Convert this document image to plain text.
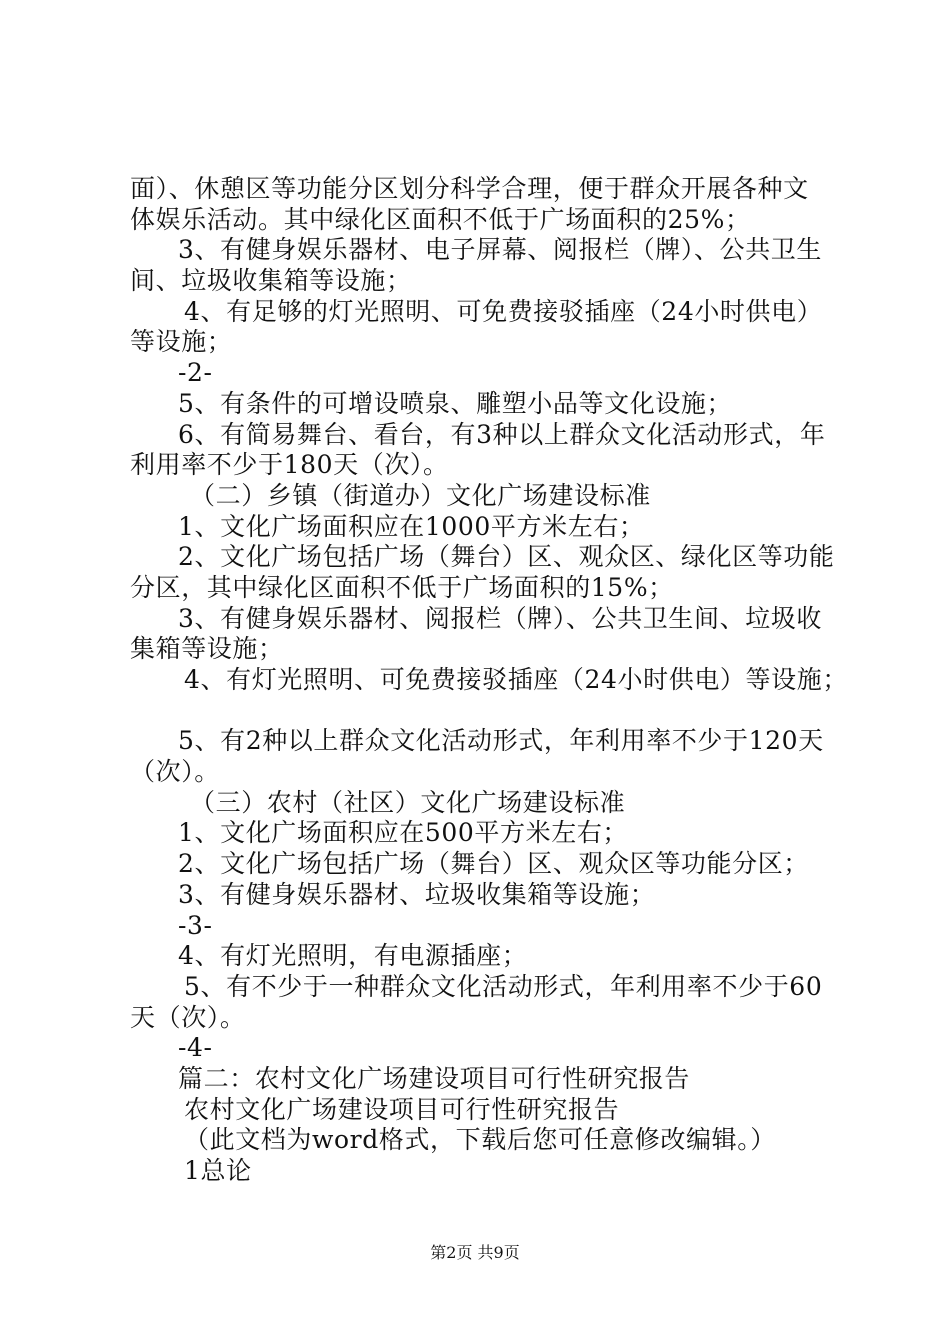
面）、休憩区等功能分区划分科学合理，便于群众开展各种文
体娱乐活动。其中绿化区面积不低于广场面积的25%；
3、有健身娱乐器材、电子屏幕、阅报栏（牌）、公共卫生
间、垃圾收集箱等设施；
4、有足够的灯光照明、可免费接驳插座（24小时供电）
等设施；
-2-
5、有条件的可增设喷泉、雕塑小品等文化设施；
6、有简易舞台、看台，有3种以上群众文化活动形式，年
利用率不少于180天（次）。
（二）乡镇（街道办）文化广场建设标准
1、文化广场面积应在1000平方米左右；
2、文化广场包括广场（舞台）区、观众区、绿化区等功能
分区，其中绿化区面积不低于广场面积的15%；
3、有健身娱乐器材、阅报栏（牌）、公共卫生间、垃圾收
集箱等设施；
4、有灯光照明、可免费接驳插座（24小时供电）等设施；
5、有2种以上群众文化活动形式，年利用率不少于120天
（次）。
（三）农村（社区）文化广场建设标准
1、文化广场面积应在500平方米左右；
2、文化广场包括广场（舞台）区、观众区等功能分区；
3、有健身娱乐器材、垃圾收集箱等设施；
-3-
4、有灯光照明，有电源插座；
5、有不少于一种群众文化活动形式，年利用率不少于60
天（次）。
-4-
篇二：农村文化广场建设项目可行性研究报告
农村文化广场建设项目可行性研究报告
（此文档为word格式，下载后您可任意修改编辑。）
1总论
第2页 共9页
